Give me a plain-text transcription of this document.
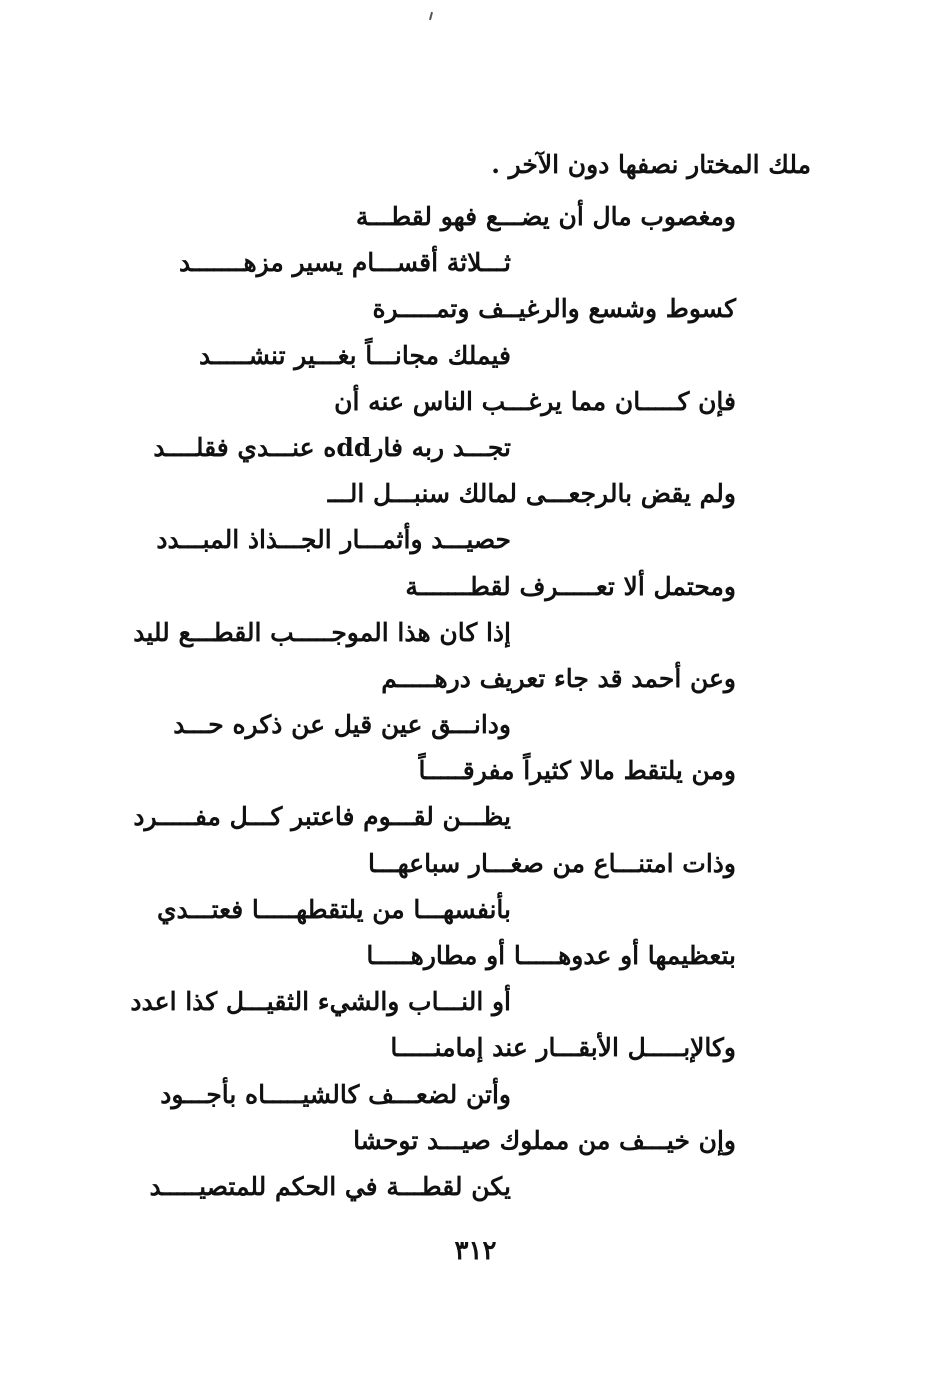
ملك المختار نصفها دون الآخر .
ومغصوب مال أن يضـــع فهو لقطـــة
ثـــلاثة أقســـام يسير مزهـــــــد
كسوط وشسع والرغيــف وتمـــــرة
فيملك مجانـــاً بغـــير تنشـــــد
فإن كـــــان مما يرغـــب الناس عنه أن
تجـــد ربه فارddه عنـــدي فقلــــد
ولم يقض بالرجعـــى لمالك سنبـــل الـــ
حصيـــد وأثمـــار الجـــذاذ المبـــدد
ومحتمل ألا تعـــــرف لقطـــــــة
إذا كان هذا الموجـــــب القطـــع لليد
وعن أحمد قد جاء تعريف درهـــــم
ودانـــق عين قيل عن ذكره حـــد
ومن يلتقط مالا كثيراً مفرقـــــاً
يظـــن لقـــوم فاعتبر كـــل مفـــــرد
وذات امتنـــاع من صغـــار سباعهـــا
بأنفسهـــا من يلتقطهـــــا فعتـــدي
بتعظيمها أو عدوهـــــا أو مطارهـــــا
أو النـــاب والشيء الثقيـــل كذا اعدد
وكالإبـــــل الأبقـــار عند إمامنـــــا
وأتن لضعـــف كالشيـــــاه بأجـــود
وإن خيـــف من مملوك صيـــد توحشا
يكن لقطـــة في الحكم للمتصيـــــد
٣١٢
